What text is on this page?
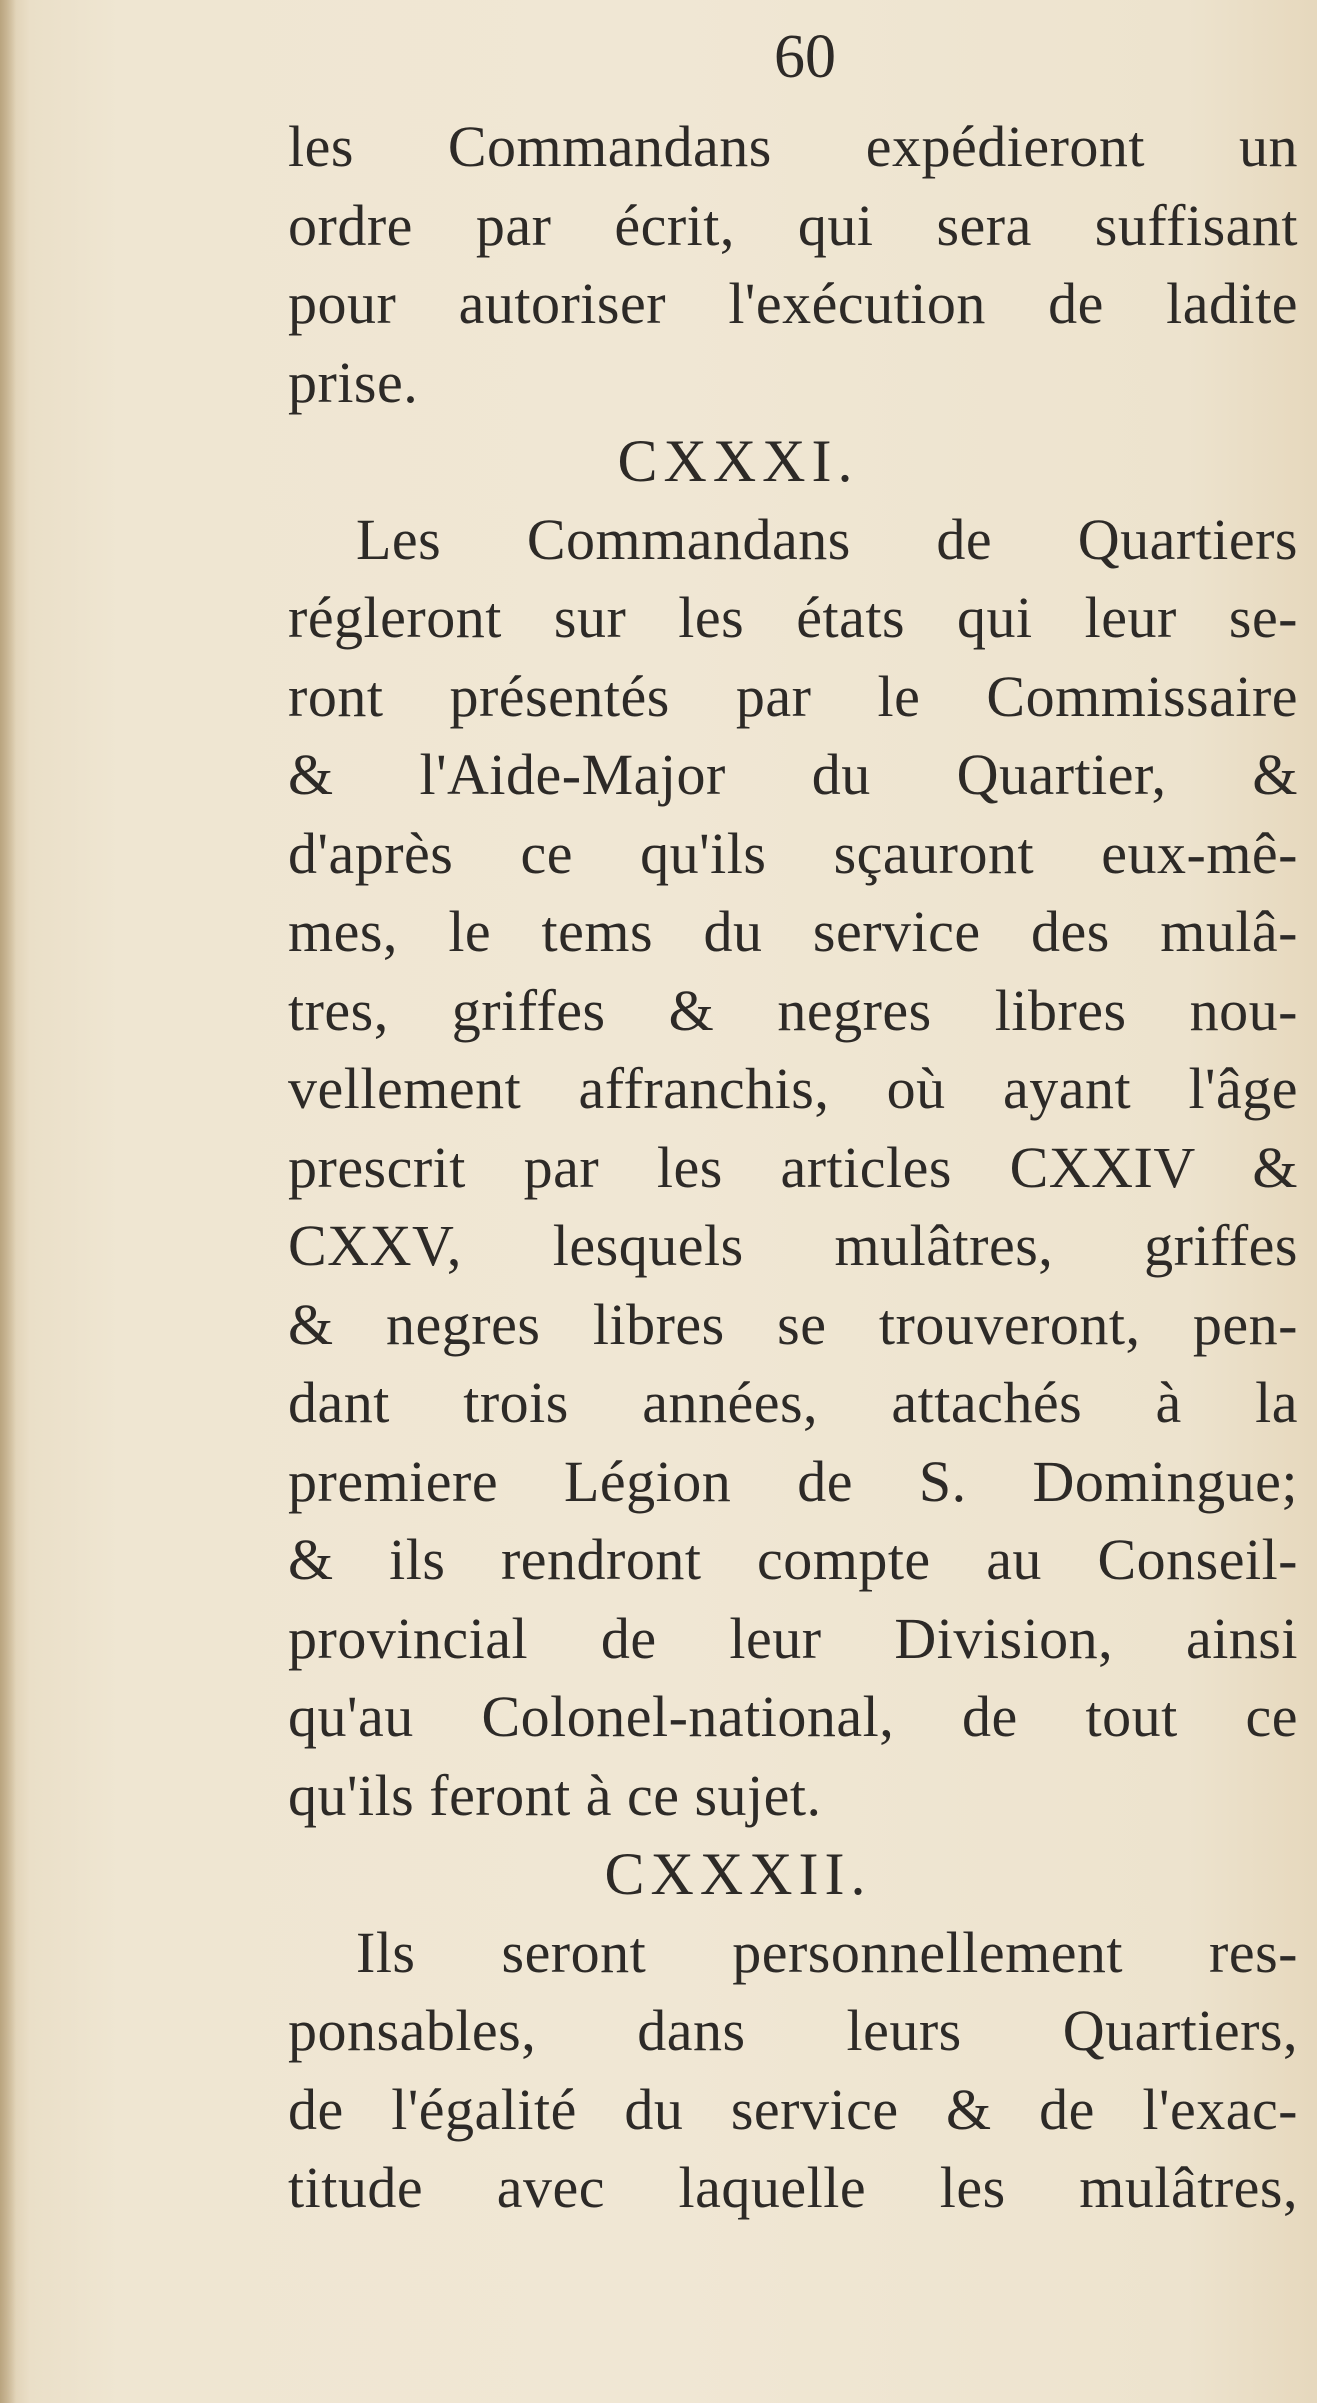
60
les Commandans expédieront un
ordre par écrit, qui sera suffisant
pour autoriser l'exécution de ladite
prise.
CXXXI.
Les Commandans de Quartiers
régleront sur les états qui leur se-
ront présentés par le Commissaire
& l'Aide-Major du Quartier, &
d'après ce qu'ils sçauront eux-mê-
mes, le tems du service des mulâ-
tres, griffes & negres libres nou-
vellement affranchis, où ayant l'âge
prescrit par les articles CXXIV &
CXXV, lesquels mulâtres, griffes
& negres libres se trouveront, pen-
dant trois années, attachés à la
premiere Légion de S. Domingue;
& ils rendront compte au Conseil-
provincial de leur Division, ainsi
qu'au Colonel-national, de tout ce
qu'ils feront à ce sujet.
CXXXII.
Ils seront personnellement res-
ponsables, dans leurs Quartiers,
de l'égalité du service & de l'exac-
titude avec laquelle les mulâtres,
